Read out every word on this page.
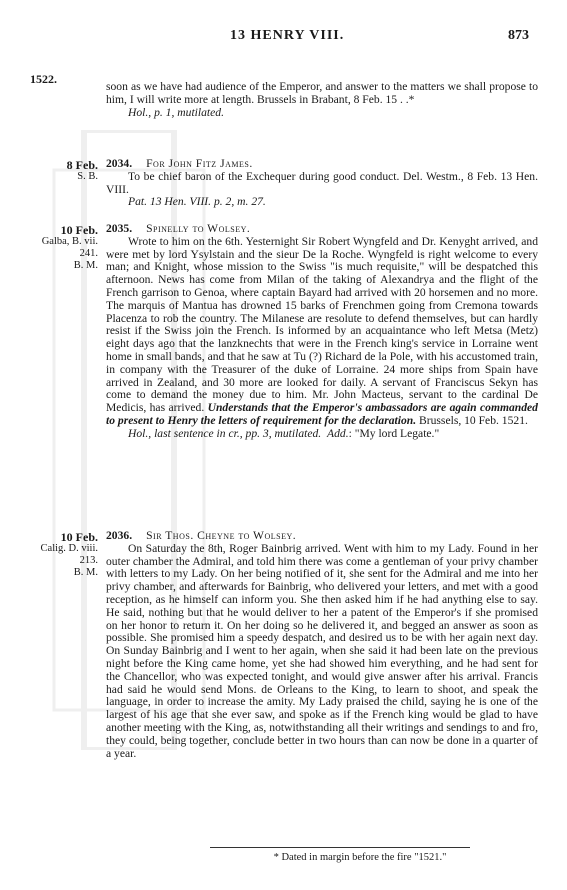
13 HENRY VIII.	873
1522.

soon as we have had audience of the Emperor, and answer to the matters we shall propose to him, I will write more at length. Brussels in Brabant, 8 Feb. 15 . .*

Hol., p. 1, mutilated.

8 Feb.
S. B.

2034. For John Fitz James.

To be chief baron of the Exchequer during good conduct. Del. Westm., 8 Feb. 13 Hen. VIII.

Pat. 13 Hen. VIII. p. 2, m. 27.

10 Feb.
Galba, B. vii.
241.
B. M.

2035. Spinelly to Wolsey.

Wrote to him on the 6th. Yesternight Sir Robert Wyngfeld and Dr. Kenyght arrived, and were met by lord Ysylstain and the sieur De la Roche. Wyngfeld is right welcome to every man; and Knight, whose mission to the Swiss "is much requisite," will be despatched this afternoon. News has come from Milan of the taking of Alexandrya and the flight of the French garrison to Genoa, where captain Bayard had arrived with 20 horsemen and no more. The marquis of Mantua has drowned 15 barks of Frenchmen going from Cremona towards Placenza to rob the country. The Milanese are resolute to defend themselves, but can hardly resist if the Swiss join the French. Is informed by an acquaintance who left Metsa (Metz) eight days ago that the lanzknechts that were in the French king's service in Lorraine went home in small bands, and that he saw at Tu (?) Richard de la Pole, with his accustomed train, in company with the Treasurer of the duke of Lorraine. 24 more ships from Spain have arrived in Zealand, and 30 more are looked for daily. A servant of Franciscus Sekyn has come to demand the money due to him. Mr. John Macteus, servant to the cardinal De Medicis, has arrived. Understands that the Emperor's ambassadors are again commanded to present to Henry the letters of requirement for the declaration. Brussels, 10 Feb. 1521.

Hol., last sentence in cr., pp. 3, mutilated. Add.: "My lord Legate."

10 Feb.
Calig. D. viii.
213.
B. M.

2036. Sir Thos. Cheyne to Wolsey.

On Saturday the 8th, Roger Bainbrig arrived. Went with him to my Lady. Found in her outer chamber the Admiral, and told him there was come a gentleman of your privy chamber with letters to my Lady. On her being notified of it, she sent for the Admiral and me into her privy chamber, and afterwards for Bainbrig, who delivered your letters, and met with a good reception, as he himself can inform you. She then asked him if he had anything else to say. He said, nothing but that he would deliver to her a patent of the Emperor's if she promised on her honor to return it. On her doing so he delivered it, and begged an answer as soon as possible. She promised him a speedy despatch, and desired us to be with her again next day. On Sunday Bainbrig and I went to her again, when she said it had been late on the previous night before the King came home, yet she had showed him everything, and he had sent for the Chancellor, who was expected tonight, and would give answer after his arrival. Francis had said he would send Mons. de Orleans to the King, to learn to shoot, and speak the language, in order to increase the amity. My Lady praised the child, saying he is one of the largest of his age that she ever saw, and spoke as if the French king would be glad to have another meeting with the King, as, notwithstanding all their writings and sendings to and fro, they could, being together, conclude better in two hours than can now be done in a quarter of a year.

* Dated in margin before the fire "1521."
